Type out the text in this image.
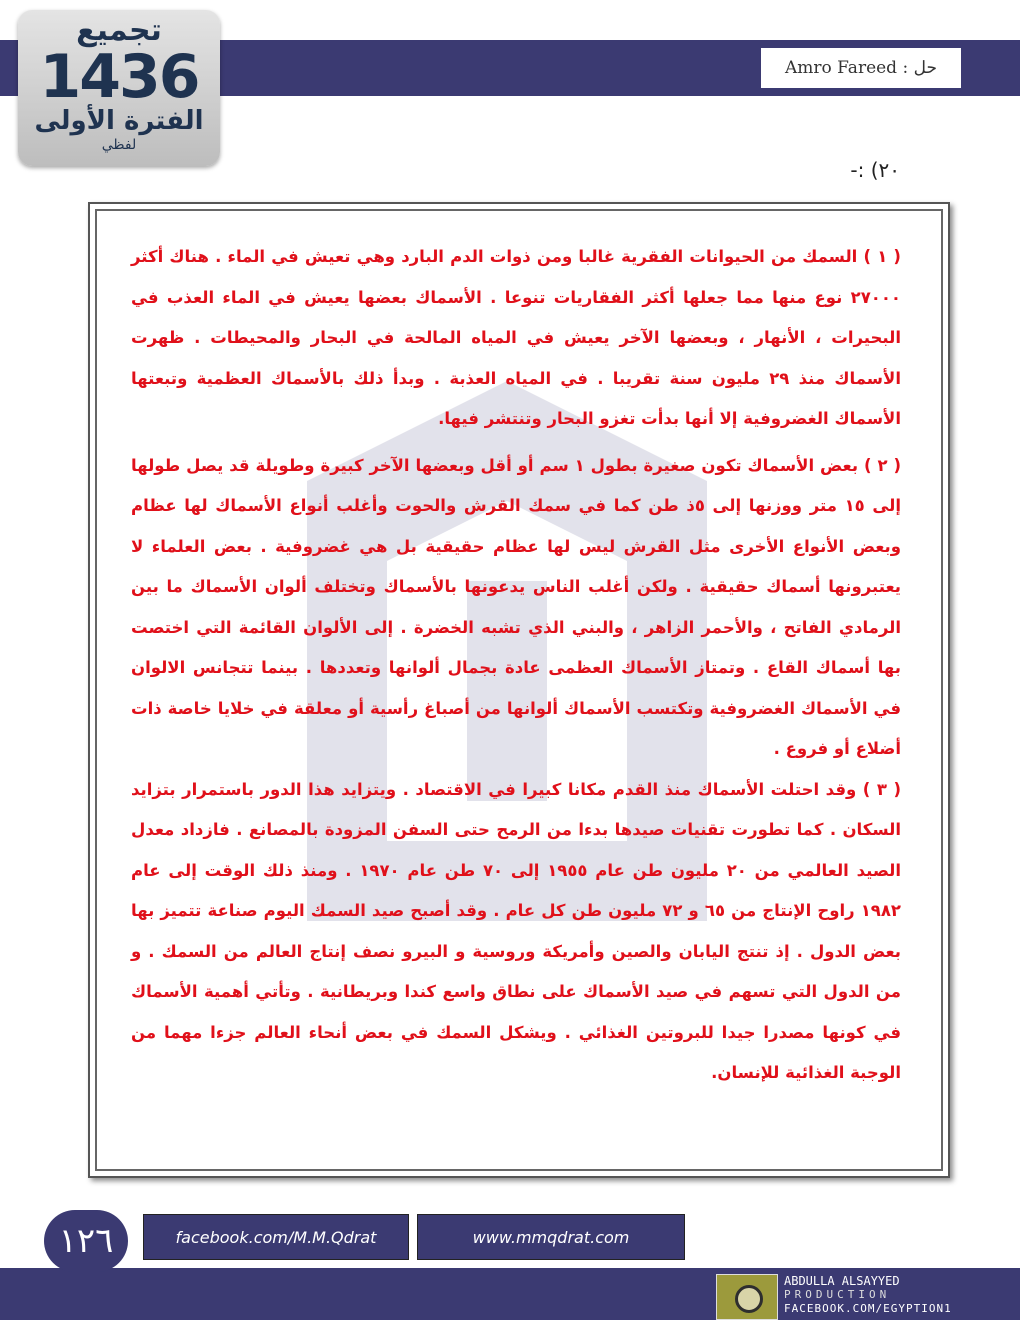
حل : Amro Fareed
تجميع
1436
الفترة الأولى
لفظي
٢٠) :-

( ١ ) السمك من الحيوانات الفقرية غالبا ومن ذوات الدم البارد وهي تعيش في الماء . هناك أكثر ٢٧٠٠٠ نوع منها مما جعلها أكثر الفقاريات تنوعا . الأسماك بعضها يعيش في الماء العذب في البحيرات ، الأنهار ، وبعضها الآخر يعيش في المياه المالحة في البحار والمحيطات . ظهرت الأسماك منذ ٢٩ مليون سنة تقريبا . في المياه العذبة . وبدأ ذلك بالأسماك العظمية وتبعتها الأسماك الغضروفية إلا أنها بدأت تغزو البحار وتنتشر فيها.

( ٢ ) بعض الأسماك تكون صغيرة بطول ١ سم أو أقل وبعضها الآخر كبيرة وطويلة قد يصل طولها إلى ١٥ متر ووزنها إلى ٥ذ طن كما في سمك القرش والحوت وأغلب أنواع الأسماك لها عظام وبعض الأنواع الأخرى مثل القرش ليس لها عظام حقيقية بل هي غضروفية . بعض العلماء لا يعتبرونها أسماك حقيقية . ولكن أغلب الناس يدعونها بالأسماك وتختلف ألوان الأسماك ما بين الرمادي الفاتح ، والأحمر الزاهر ، والبني الذي تشبه الخضرة . إلى الألوان القائمة التي اختصت بها أسماك القاع . وتمتاز الأسماك العظمى عادة بجمال ألوانها وتعددها . بينما تتجانس الالوان في الأسماك الغضروفية وتكتسب الأسماك ألوانها من أصباغ رأسية أو معلقة في خلايا خاصة ذات أضلاع أو فروع .

( ٣ ) وقد احتلت الأسماك منذ القدم مكانا كبيرا في الاقتصاد . ويتزايد هذا الدور باستمرار بتزايد السكان . كما تطورت تقنيات صيدها بدءا من الرمح حتى السفن المزودة بالمصانع . فازداد معدل الصيد العالمي من ٢٠ مليون طن عام ١٩٥٥ إلى ٧٠ طن عام ١٩٧٠ . ومنذ ذلك الوقت إلى عام ١٩٨٢ راوح الإنتاج من ٦٥ و ٧٢ مليون طن كل عام . وقد أصبح صيد السمك اليوم صناعة تتميز بها بعض الدول . إذ تنتج اليابان والصين وأمريكة وروسية و البيرو نصف إنتاج العالم من السمك . و من الدول التي تسهم في صيد الأسماك على نطاق واسع كندا وبريطانية . وتأتي أهمية الأسماك في كونها مصدرا جيدا للبروتين الغذائي . ويشكل السمك في بعض أنحاء العالم جزءا مهما من الوجبة الغذائية للإنسان.

١٢٦	facebook.com/M.M.Qdrat	www.mmqdrat.com
ABDULLA ALSAYYED
PRODUCTION
FACEBOOK.COM/EGYPTION1
